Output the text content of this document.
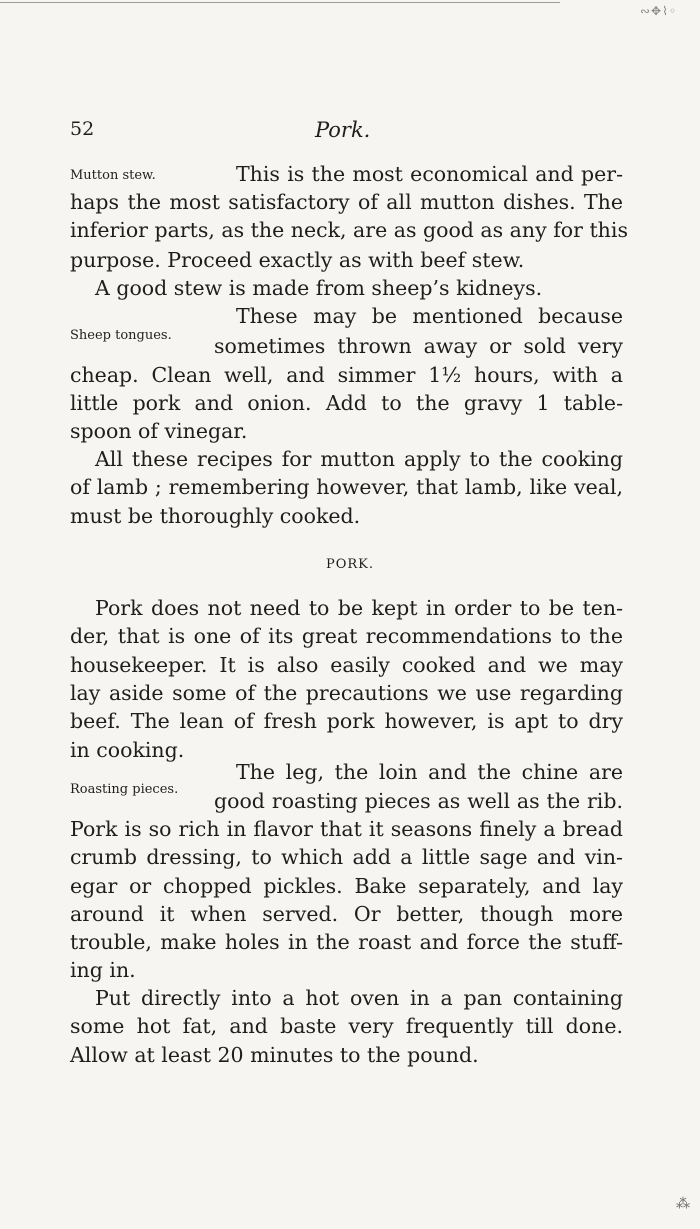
∾✥⌇◦
52	Pork.
Mutton stew.	This is the most economical and per-
haps the most satisfactory of all mutton dishes. The
inferior parts, as the neck, are as good as any for this
purpose. Proceed exactly as with beef stew.
A good stew is made from sheep’s kidneys.
Sheep tongues.
These may be mentioned because
sometimes thrown away or sold very
cheap. Clean well, and simmer 1½ hours, with a
little pork and onion. Add to the gravy 1 table-
spoon of vinegar.
All these recipes for mutton apply to the cooking
of lamb ; remembering however, that lamb, like veal,
must be thoroughly cooked.
PORK.
Pork does not need to be kept in order to be ten-
der, that is one of its great recommendations to the
housekeeper. It is also easily cooked and we may
lay aside some of the precautions we use regarding
beef. The lean of fresh pork however, is apt to dry
in cooking.
Roasting pieces.
The leg, the loin and the chine are
good roasting pieces as well as the rib.
Pork is so rich in flavor that it seasons finely a bread
crumb dressing, to which add a little sage and vin-
egar or chopped pickles. Bake separately, and lay
around it when served. Or better, though more
trouble, make holes in the roast and force the stuff-
ing in.
Put directly into a hot oven in a pan containing
some hot fat, and baste very frequently till done.
Allow at least 20 minutes to the pound.
⁂
